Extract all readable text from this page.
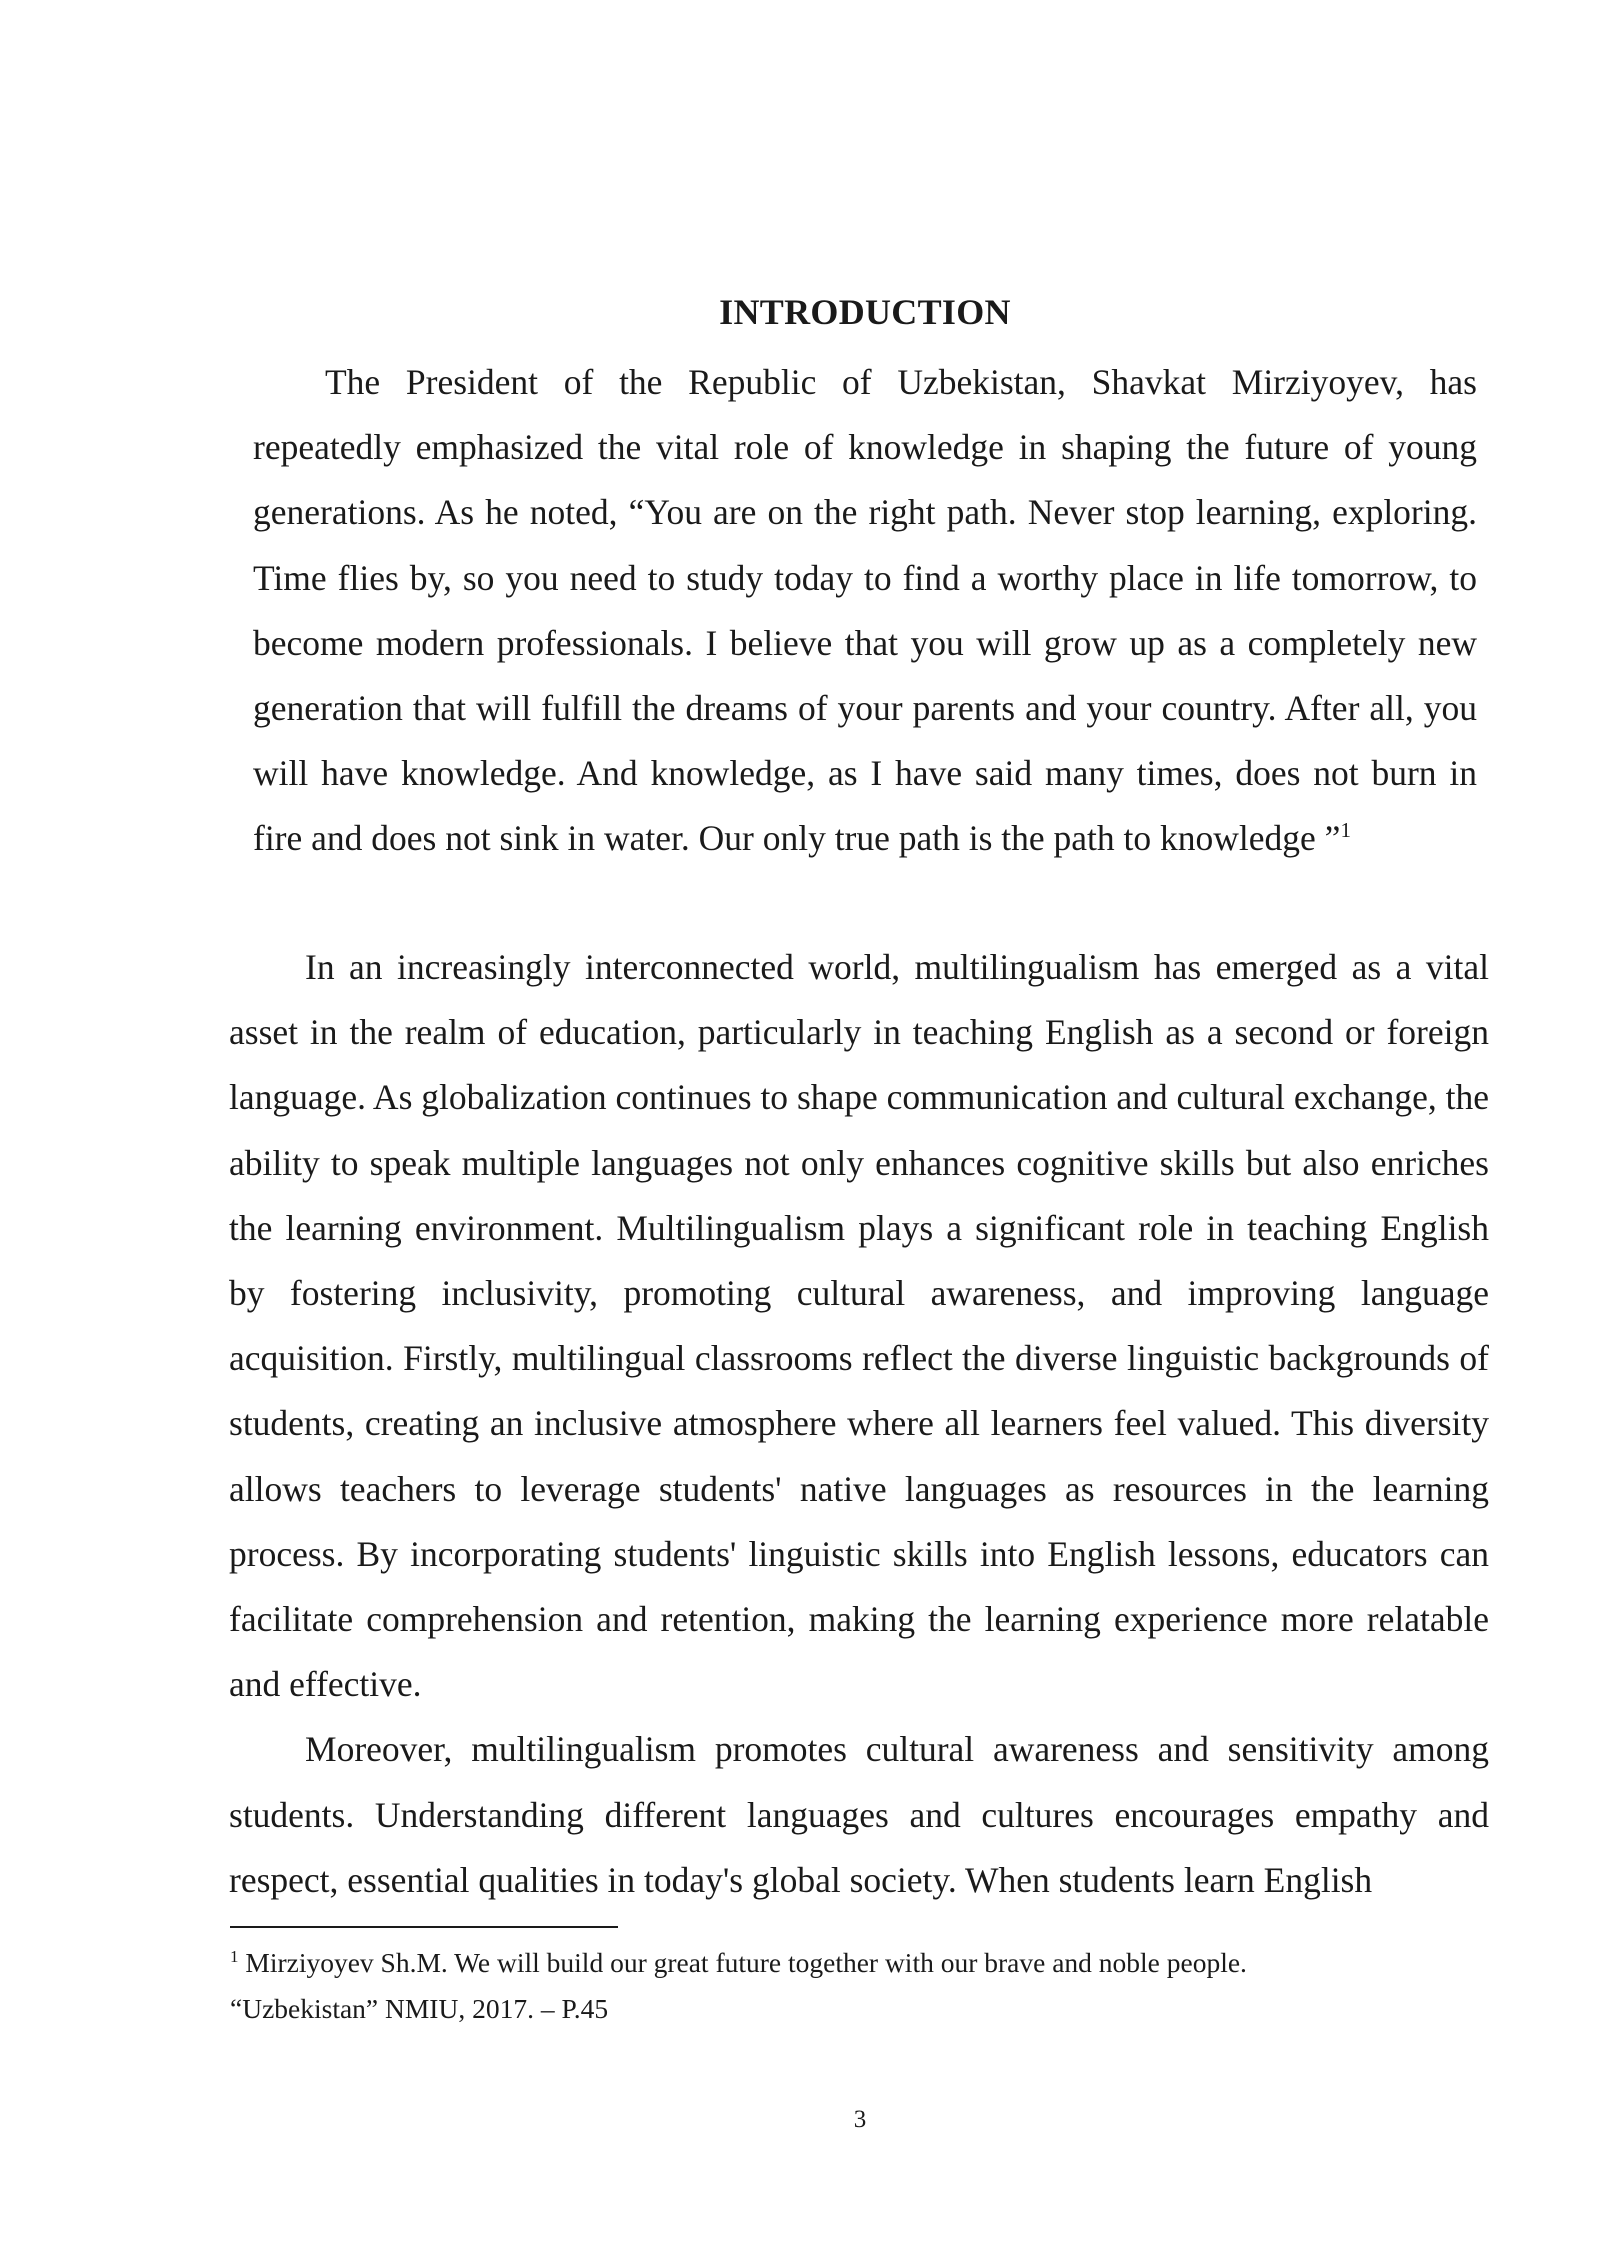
INTRODUCTION

The President of the Republic of Uzbekistan, Shavkat Mirziyoyev, has repeatedly emphasized the vital role of knowledge in shaping the future of young generations. As he noted, “You are on the right path. Never stop learning, exploring. Time flies by, so you need to study today to find a worthy place in life tomorrow, to become modern professionals. I believe that you will grow up as a completely new generation that will fulfill the dreams of your parents and your country. After all, you will have knowledge. And knowledge, as I have said many times, does not burn in fire and does not sink in water. Our only true path is the path to knowledge ”$^1$

In an increasingly interconnected world, multilingualism has emerged as a vital asset in the realm of education, particularly in teaching English as a second or foreign language. As globalization continues to shape communication and cultural exchange, the ability to speak multiple languages not only enhances cognitive skills but also enriches the learning environment. Multilingualism plays a significant role in teaching English by fostering inclusivity, promoting cultural awareness, and improving language acquisition. Firstly, multilingual classrooms reflect the diverse linguistic backgrounds of students, creating an inclusive atmosphere where all learners feel valued. This diversity allows teachers to leverage students' native languages as resources in the learning process. By incorporating students' linguistic skills into English lessons, educators can facilitate comprehension and retention, making the learning experience more relatable and effective.

Moreover, multilingualism promotes cultural awareness and sensitivity among students. Understanding different languages and cultures encourages empathy and respect, essential qualities in today's global society. When students learn English

$^1$ Mirziyoyev Sh.M. We will build our great future together with our brave and noble people.

“Uzbekistan” NMIU, 2017. – P.45

3
